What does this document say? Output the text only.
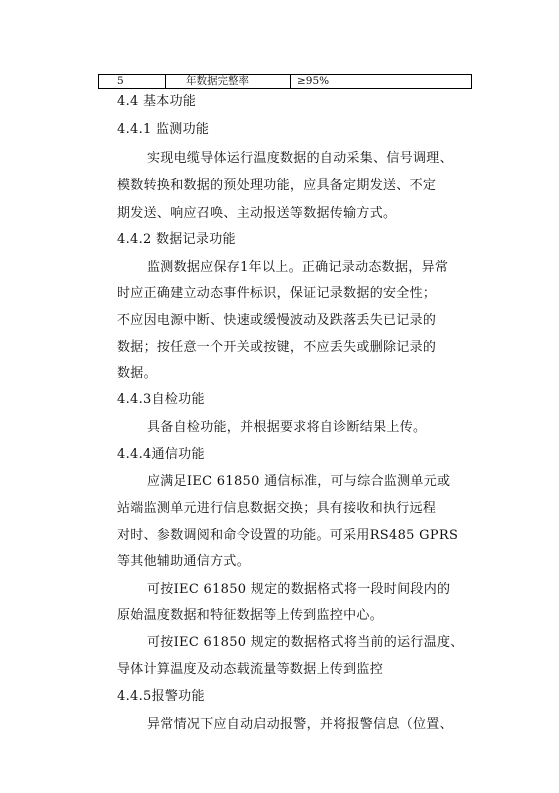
5	年数据完整率	≥95%
4.4 基本功能
4.4.1 监测功能
实现电缆导体运行温度数据的自动采集、信号调理、
模数转换和数据的预处理功能，应具备定期发送、不定
期发送、响应召唤、主动报送等数据传输方式。
4.4.2 数据记录功能
监测数据应保存1年以上。正确记录动态数据，异常
时应正确建立动态事件标识，保证记录数据的安全性；
不应因电源中断、快速或缓慢波动及跌落丢失已记录的
数据；按任意一个开关或按键，不应丢失或删除记录的
数据。
4.4.3自检功能
具备自检功能，并根据要求将自诊断结果上传。
4.4.4通信功能
应满足IEC 61850 通信标准，可与综合监测单元或
站端监测单元进行信息数据交换；具有接收和执行远程
对时、参数调阅和命令设置的功能。可采用RS485 GPRS
等其他辅助通信方式。
可按IEC 61850 规定的数据格式将一段时间段内的
原始温度数据和特征数据等上传到监控中心。
可按IEC 61850 规定的数据格式将当前的运行温度、
导体计算温度及动态载流量等数据上传到监控
4.4.5报警功能
异常情况下应自动启动报警，并将报警信息（位置、
